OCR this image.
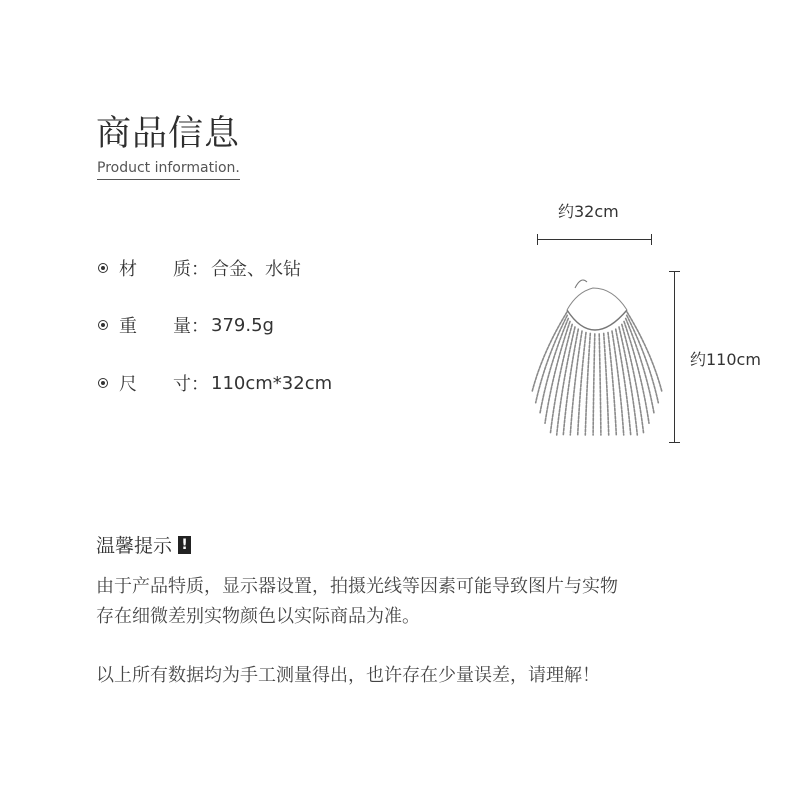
商品信息
Product information.
材	质： 合金、水钻
重	量： 379.5g
尺	寸： 110cm*32cm
约32cm
约110cm
温馨提示 !
由于产品特质，显示器设置，拍摄光线等因素可能导致图片与实物
存在细微差别实物颜色以实际商品为准。
以上所有数据均为手工测量得出，也许存在少量误差，请理解！
